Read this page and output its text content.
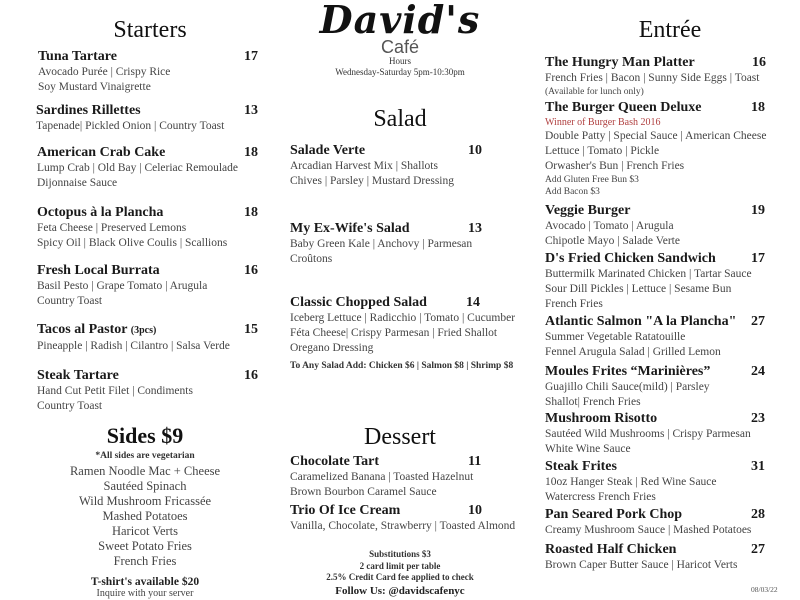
Starters
Tuna Tartare	17
Avocado Purée | Crispy Rice
Soy Mustard Vinaigrette
Sardines Rillettes	13
Tapenade| Pickled Onion | Country Toast
American Crab Cake	18
Lump Crab | Old Bay | Celeriac Remoulade
Dijonnaise Sauce
Octopus à la Plancha	18
Feta Cheese | Preserved Lemons
Spicy Oil | Black Olive Coulis | Scallions
Fresh Local Burrata	16
Basil Pesto | Grape Tomato | Arugula
Country Toast
Tacos al Pastor (3pcs)	15
Pineapple | Radish | Cilantro | Salsa Verde
Steak Tartare	16
Hand Cut Petit Filet | Condiments
Country Toast
Sides $9
*All sides are vegetarian
Ramen Noodle Mac + Cheese
Sautéed Spinach
Wild Mushroom Fricassée
Mashed Potatoes
Haricot Verts
Sweet Potato Fries
French Fries
T-shirt's available $20
Inquire with your server
David's
Café
Hours
Wednesday-Saturday 5pm-10:30pm
Salad
Salade Verte	10
Arcadian Harvest Mix | Shallots
Chives | Parsley | Mustard Dressing
My Ex-Wife's Salad	13
Baby Green Kale | Anchovy | Parmesan
Croûtons
Classic Chopped Salad	14
Iceberg Lettuce | Radicchio | Tomato | Cucumber
Féta Cheese| Crispy Parmesan | Fried Shallot
Oregano Dressing
To Any Salad Add: Chicken $6 | Salmon $8 | Shrimp $8
Dessert
Chocolate Tart	11
Caramelized Banana | Toasted Hazelnut
Brown Bourbon Caramel Sauce
Trio Of Ice Cream	10
Vanilla, Chocolate, Strawberry | Toasted Almond
Substitutions $3
2 card limit per table
2.5% Credit Card fee applied to check
Follow Us: @davidscafenyc
Entrée
The Hungry Man Platter	16
French Fries | Bacon | Sunny Side Eggs | Toast
(Available for lunch only)
The Burger Queen Deluxe	18
Winner of Burger Bash 2016
Double Patty | Special Sauce | American Cheese
Lettuce | Tomato | Pickle
Orwasher's Bun | French Fries
Add Gluten Free Bun $3
Add Bacon $3
Veggie Burger	19
Avocado | Tomato | Arugula
Chipotle Mayo | Salade Verte
D's Fried Chicken Sandwich	17
Buttermilk Marinated Chicken | Tartar Sauce
Sour Dill Pickles | Lettuce | Sesame Bun
French Fries
Atlantic Salmon "A la Plancha"	27
Summer Vegetable Ratatouille
Fennel Arugula Salad | Grilled Lemon
Moules Frites “Marinières”	24
Guajillo Chili Sauce(mild) | Parsley
Shallot| French Fries
Mushroom Risotto	23
Sautéed Wild Mushrooms | Crispy Parmesan
White Wine Sauce
Steak Frites	31
10oz Hanger Steak | Red Wine Sauce
Watercress French Fries
Pan Seared Pork Chop	28
Creamy Mushroom Sauce | Mashed Potatoes
Roasted Half Chicken	27
Brown Caper Butter Sauce | Haricot Verts
08/03/22
